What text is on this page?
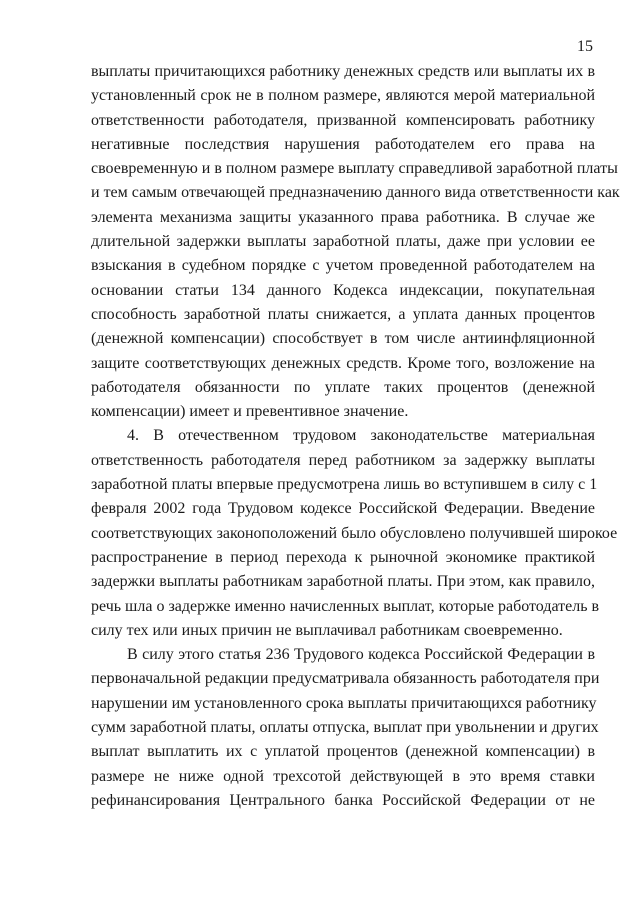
15
выплаты причитающихся работнику денежных средств или выплаты их в
установленный срок не в полном размере, являются мерой материальной
ответственности работодателя, призванной компенсировать работнику
негативные последствия нарушения работодателем его права на
своевременную и в полном размере выплату справедливой заработной платы
и тем самым отвечающей предназначению данного вида ответственности как
элемента механизма защиты указанного права работника. В случае же
длительной задержки выплаты заработной платы, даже при условии ее
взыскания в судебном порядке с учетом проведенной работодателем на
основании статьи 134 данного Кодекса индексации, покупательная
способность заработной платы снижается, а уплата данных процентов
(денежной компенсации) способствует в том числе антиинфляционной
защите соответствующих денежных средств. Кроме того, возложение на
работодателя обязанности по уплате таких процентов (денежной
компенсации) имеет и превентивное значение.
4. В отечественном трудовом законодательстве материальная
ответственность работодателя перед работником за задержку выплаты
заработной платы впервые предусмотрена лишь во вступившем в силу с 1
февраля 2002 года Трудовом кодексе Российской Федерации. Введение
соответствующих законоположений было обусловлено получившей широкое
распространение в период перехода к рыночной экономике практикой
задержки выплаты работникам заработной платы. При этом, как правило,
речь шла о задержке именно начисленных выплат, которые работодатель в
силу тех или иных причин не выплачивал работникам своевременно.
В силу этого статья 236 Трудового кодекса Российской Федерации в
первоначальной редакции предусматривала обязанность работодателя при
нарушении им установленного срока выплаты причитающихся работнику
сумм заработной платы, оплаты отпуска, выплат при увольнении и других
выплат выплатить их с уплатой процентов (денежной компенсации) в
размере не ниже одной трехсотой действующей в это время ставки
рефинансирования Центрального банка Российской Федерации от не
